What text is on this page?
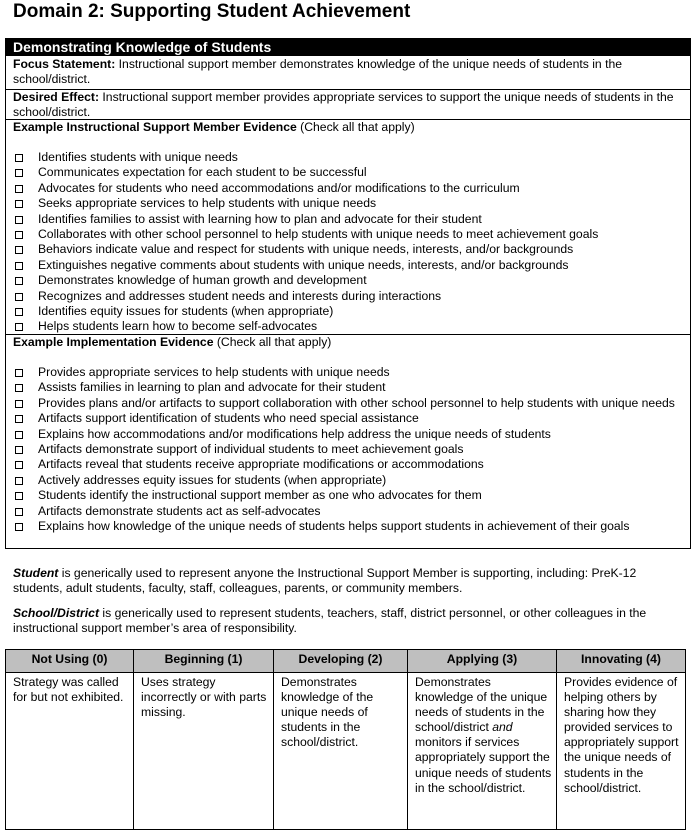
Domain 2: Supporting Student Achievement
Demonstrating Knowledge of Students
Focus Statement: Instructional support member demonstrates knowledge of the unique needs of students in the school/district.
Desired Effect: Instructional support member provides appropriate services to support the unique needs of students in the school/district.
Example Instructional Support Member Evidence (Check all that apply)
Identifies students with unique needs
Communicates expectation for each student to be successful
Advocates for students who need accommodations and/or modifications to the curriculum
Seeks appropriate services to help students with unique needs
Identifies families to assist with learning how to plan and advocate for their student
Collaborates with other school personnel to help students with unique needs to meet achievement goals
Behaviors indicate value and respect for students with unique needs, interests, and/or backgrounds
Extinguishes negative comments about students with unique needs, interests, and/or backgrounds
Demonstrates knowledge of human growth and development
Recognizes and addresses student needs and interests during interactions
Identifies equity issues for students (when appropriate)
Helps students learn how to become self-advocates
Example Implementation Evidence (Check all that apply)
Provides appropriate services to help students with unique needs
Assists families in learning to plan and advocate for their student
Provides plans and/or artifacts to support collaboration with other school personnel to help students with unique needs
Artifacts support identification of students who need special assistance
Explains how accommodations and/or modifications help address the unique needs of students
Artifacts demonstrate support of individual students to meet achievement goals
Artifacts reveal that students receive appropriate modifications or accommodations
Actively addresses equity issues for students (when appropriate)
Students identify the instructional support member as one who advocates for them
Artifacts demonstrate students act as self-advocates
Explains how knowledge of the unique needs of students helps support students in achievement of their goals
Student is generically used to represent anyone the Instructional Support Member is supporting, including: PreK-12 students, adult students, faculty, staff, colleagues, parents, or community members.
School/District is generically used to represent students, teachers, staff, district personnel, or other colleagues in the instructional support member’s area of responsibility.
Not Using (0)	Beginning (1)	Developing (2)	Applying (3)	Innovating (4)
Strategy was called for but not exhibited.	Uses strategy incorrectly or with parts missing.	Demonstrates knowledge of the unique needs of students in the school/district.	Demonstrates knowledge of the unique needs of students in the school/district and monitors if services appropriately support the unique needs of students in the school/district.	Provides evidence of helping others by sharing how they provided services to appropriately support the unique needs of students in the school/district.
